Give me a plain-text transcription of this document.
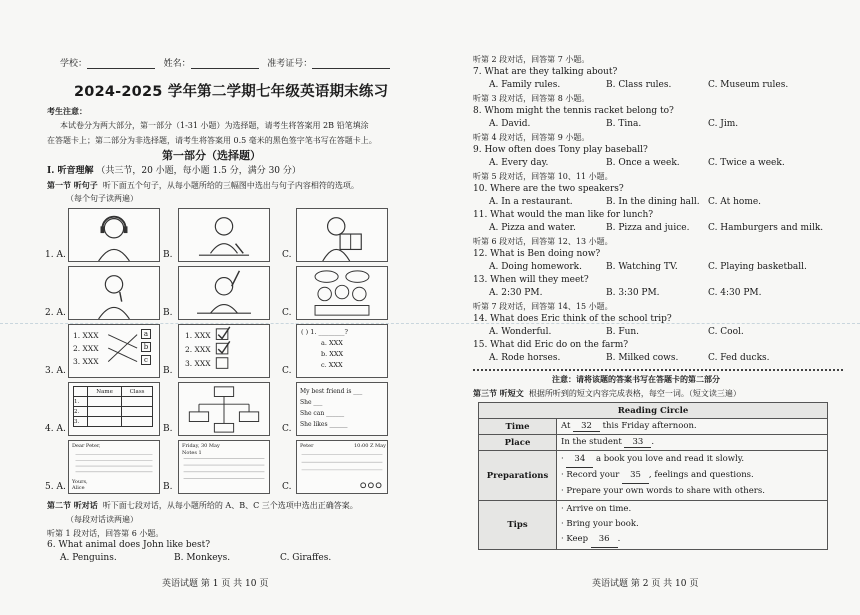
学校：	姓名：	准考证号：
2024-2025 学年第二学期七年级英语期末练习
考生注意：
本试卷分为两大部分，第一部分（1-31 小题）为选择题，请考生将答案用 2B 铅笔填涂
在答题卡上；第二部分为非选择题，请考生将答案用 0.5 毫米的黑色签字笔书写在答题卡上。
第一部分（选择题）
I. 听音理解 （共三节，20 小题，每小题 1.5 分，满分 30 分）
第一节 听句子 听下面五个句子，从每小题所给的三幅图中选出与句子内容相符的选项。
（每个句子读两遍）
1. A.	B.	C.
2. A.	B.	C.
3. A.
1. XXX
2. XXX
3. XXX
a
b
c
B.
1. XXX
2. XXX
3. XXX
C.
( ) 1. ________?
a. XXX
b. XXX
c. XXX
4. A.
	Name	Class
1.		
2.		
3.		
B.	C.
My best friend is ___
She ___
She can ______
She likes ______
5. A.
Dear Peter,
Yours,
Alice	B.
Friday, 30 May
Notes 1
C.
Peter	10:00 Z May
第二节 听对话 听下面七段对话，从每小题所给的 A、B、C 三个选项中选出正确答案。
（每段对话读两遍）
听第 1 段对话，回答第 6 小题。
6. What animal does John like best?
A. Penguins.	B. Monkeys.	C. Giraffes.
英语试题 第 1 页 共 10 页
听第 2 段对话，回答第 7 小题。
7. What are they talking about?
A. Family rules.	B. Class rules.	C. Museum rules.
听第 3 段对话，回答第 8 小题。
8. Whom might the tennis racket belong to?
A. David.	B. Tina.	C. Jim.
听第 4 段对话，回答第 9 小题。
9. How often does Tony play baseball?
A. Every day.	B. Once a week.	C. Twice a week.
听第 5 段对话，回答第 10、11 小题。
10. Where are the two speakers?
A. In a restaurant.	B. In the dining hall. C. At home.
11. What would the man like for lunch?
A. Pizza and water.	B. Pizza and juice. C. Hamburgers and milk.
听第 6 段对话，回答第 12、13 小题。
12. What is Ben doing now?
A. Doing homework.	B. Watching TV.	C. Playing basketball.
13. When will they meet?
A. 2:30 PM.	B. 3:30 PM.	C. 4:30 PM.
听第 7 段对话，回答第 14、15 小题。
14. What does Eric think of the school trip?
A. Wonderful.	B. Fun.	C. Cool.
15. What did Eric do on the farm?
A. Rode horses.	B. Milked cows.	C. Fed ducks.
注意：请将该题的答案书写在答题卡的第二部分
第三节 听短文 根据所听到的短文内容完成表格，每空一词。（短文读三遍）
Reading Circle	
Time	At 32 this Friday afternoon.
Place	In the student 33 .
Preparations	· 34 a book you love and read it slowly.
· Record your 35 , feelings and questions.
· Prepare your own words to share with others.

Tips	· Arrive on time.
· Bring your book.
· Keep 36 .
英语试题 第 2 页 共 10 页
